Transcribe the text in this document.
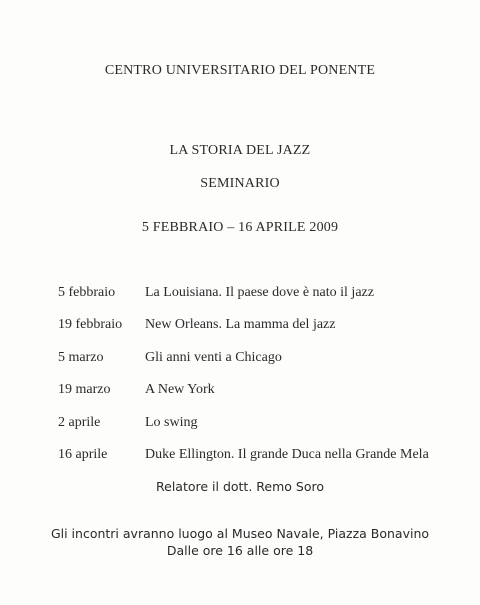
CENTRO UNIVERSITARIO DEL PONENTE
LA STORIA DEL JAZZ
SEMINARIO
5 FEBBRAIO – 16 APRILE 2009
5 febbraio La Louisiana. Il paese dove è nato il jazz
19 febbraio New Orleans. La mamma del jazz
5 marzo	Gli anni venti a Chicago
19 marzo A New York
2 aprile	Lo swing
16 aprile	Duke Ellington. Il grande Duca nella Grande Mela
Relatore il dott. Remo Soro
Gli incontri avranno luogo al Museo Navale, Piazza Bonavino
Dalle ore 16 alle ore 18
